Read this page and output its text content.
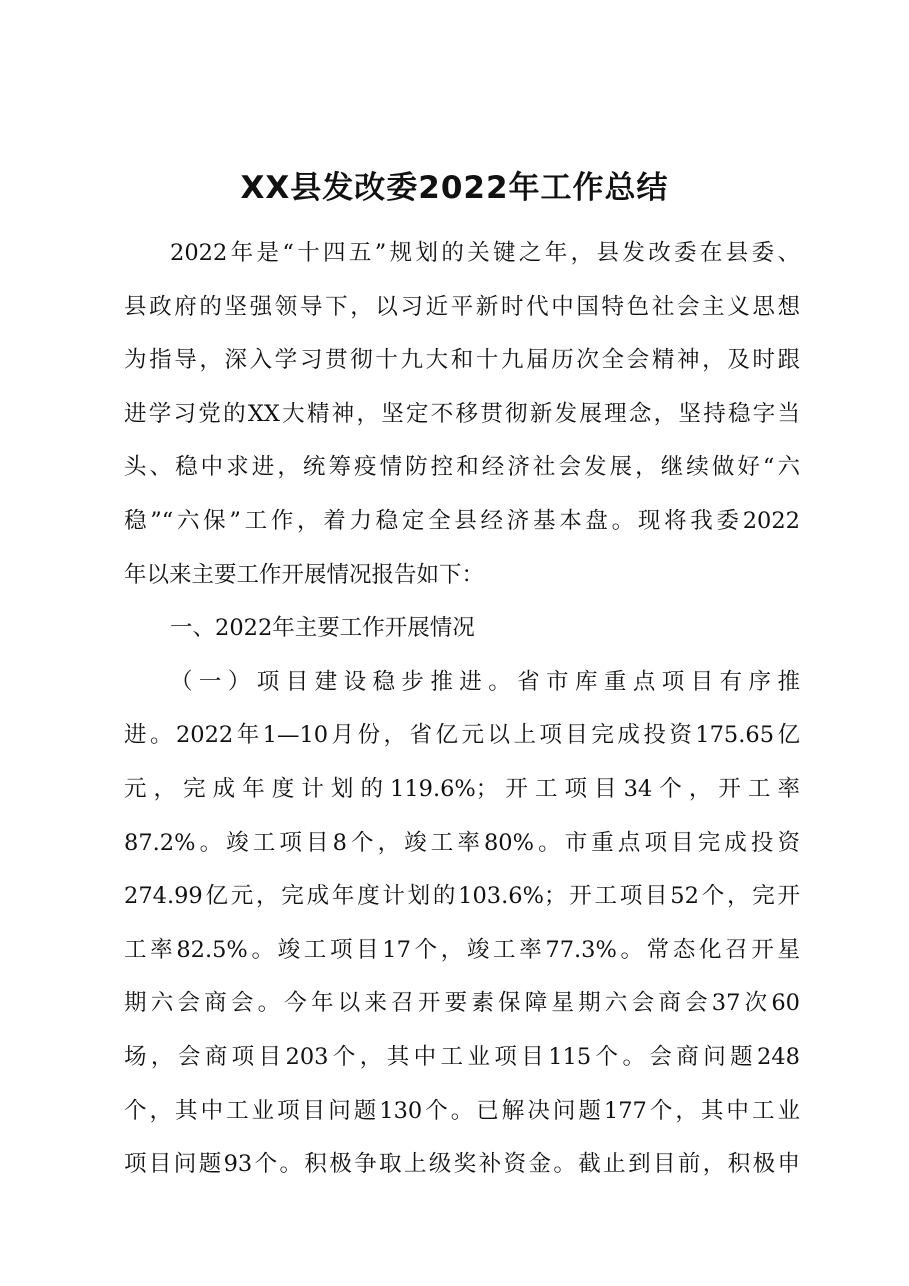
XX县发改委2022年工作总结
2022年是“十四五”规划的关键之年，县发改委在县委、
县政府的坚强领导下，以习近平新时代中国特色社会主义思想
为指导，深入学习贯彻十九大和十九届历次全会精神，及时跟
进学习党的XX大精神，坚定不移贯彻新发展理念，坚持稳字当
头、稳中求进，统筹疫情防控和经济社会发展，继续做好“六
稳”“六保”工作，着力稳定全县经济基本盘。现将我委2022
年以来主要工作开展情况报告如下：
一、2022年主要工作开展情况
（一）项目建设稳步推进。省市库重点项目有序推
进。2022年1—10月份，省亿元以上项目完成投资175.65亿
元，完成年度计划的119.6%；开工项目34个，开工率
87.2%。竣工项目8个，竣工率80%。市重点项目完成投资
274.99亿元，完成年度计划的103.6%；开工项目52个，完开
工率82.5%。竣工项目17个，竣工率77.3%。常态化召开星
期六会商会。今年以来召开要素保障星期六会商会37次60
场，会商项目203个，其中工业项目115个。会商问题248
个，其中工业项目问题130个。已解决问题177个，其中工业
项目问题93个。积极争取上级奖补资金。截止到目前，积极申
